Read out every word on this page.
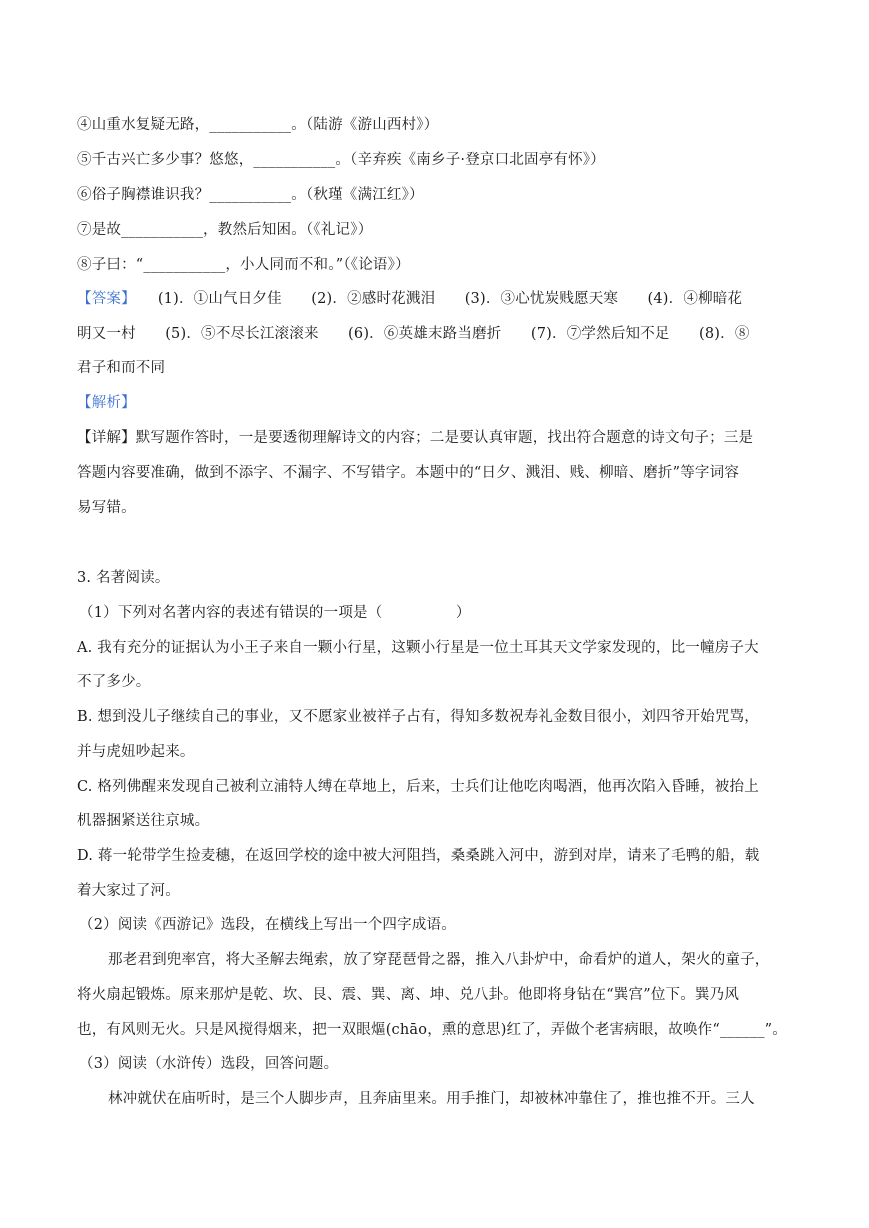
④山重水复疑无路，___________。（陆游《游山西村》）
⑤千古兴亡多少事？悠悠，___________。（辛弃疾《南乡子·登京口北固亭有怀》）
⑥俗子胸襟谁识我？___________。（秋瑾《满江红》）
⑦是故___________，教然后知困。（《礼记》）
⑧子曰：“___________，小人同而不和。”（《论语》）
【答案】 (1)．①山气日夕佳　　(2)．②感时花溅泪　　(3)．③心忧炭贱愿天寒　　(4)．④柳暗花
明又一村　　(5)．⑤不尽长江滚滚来　　(6)．⑥英雄末路当磨折　　(7)．⑦学然后知不足　　(8)．⑧
君子和而不同
【解析】
【详解】默写题作答时，一是要透彻理解诗文的内容；二是要认真审题，找出符合题意的诗文句子；三是
答题内容要准确，做到不添字、不漏字、不写错字。本题中的“日夕、溅泪、贱、柳暗、磨折”等字词容
易写错。
3. 名著阅读。
（1）下列对名著内容的表述有错误的一项是（　　　　　）
A. 我有充分的证据认为小王子来自一颗小行星，这颗小行星是一位土耳其天文学家发现的，比一幢房子大
不了多少。
B. 想到没儿子继续自己的事业，又不愿家业被祥子占有，得知多数祝寿礼金数目很小，刘四爷开始咒骂，
并与虎妞吵起来。
C. 格列佛醒来发现自己被利立浦特人缚在草地上，后来，士兵们让他吃肉喝酒，他再次陷入昏睡，被抬上
机器捆紧送往京城。
D. 蒋一轮带学生捡麦穗，在返回学校的途中被大河阻挡，桑桑跳入河中，游到对岸，请来了毛鸭的船，载
着大家过了河。
（2）阅读《西游记》选段，在横线上写出一个四字成语。
那老君到兜率宫，将大圣解去绳索，放了穿琵琶骨之器，推入八卦炉中，命看炉的道人，架火的童子，
将火扇起锻炼。原来那炉是乾、坎、艮、震、巽、离、坤、兑八卦。他即将身钻在“巽宫”位下。巽乃风
也，有风则无火。只是风搅得烟来，把一双眼熰(chāo，熏的意思)红了，弄做个老害病眼，故唤作“______”。
（3）阅读（水浒传）选段，回答问题。
林冲就伏在庙听时，是三个人脚步声，且奔庙里来。用手推门，却被林冲靠住了，推也推不开。三人
